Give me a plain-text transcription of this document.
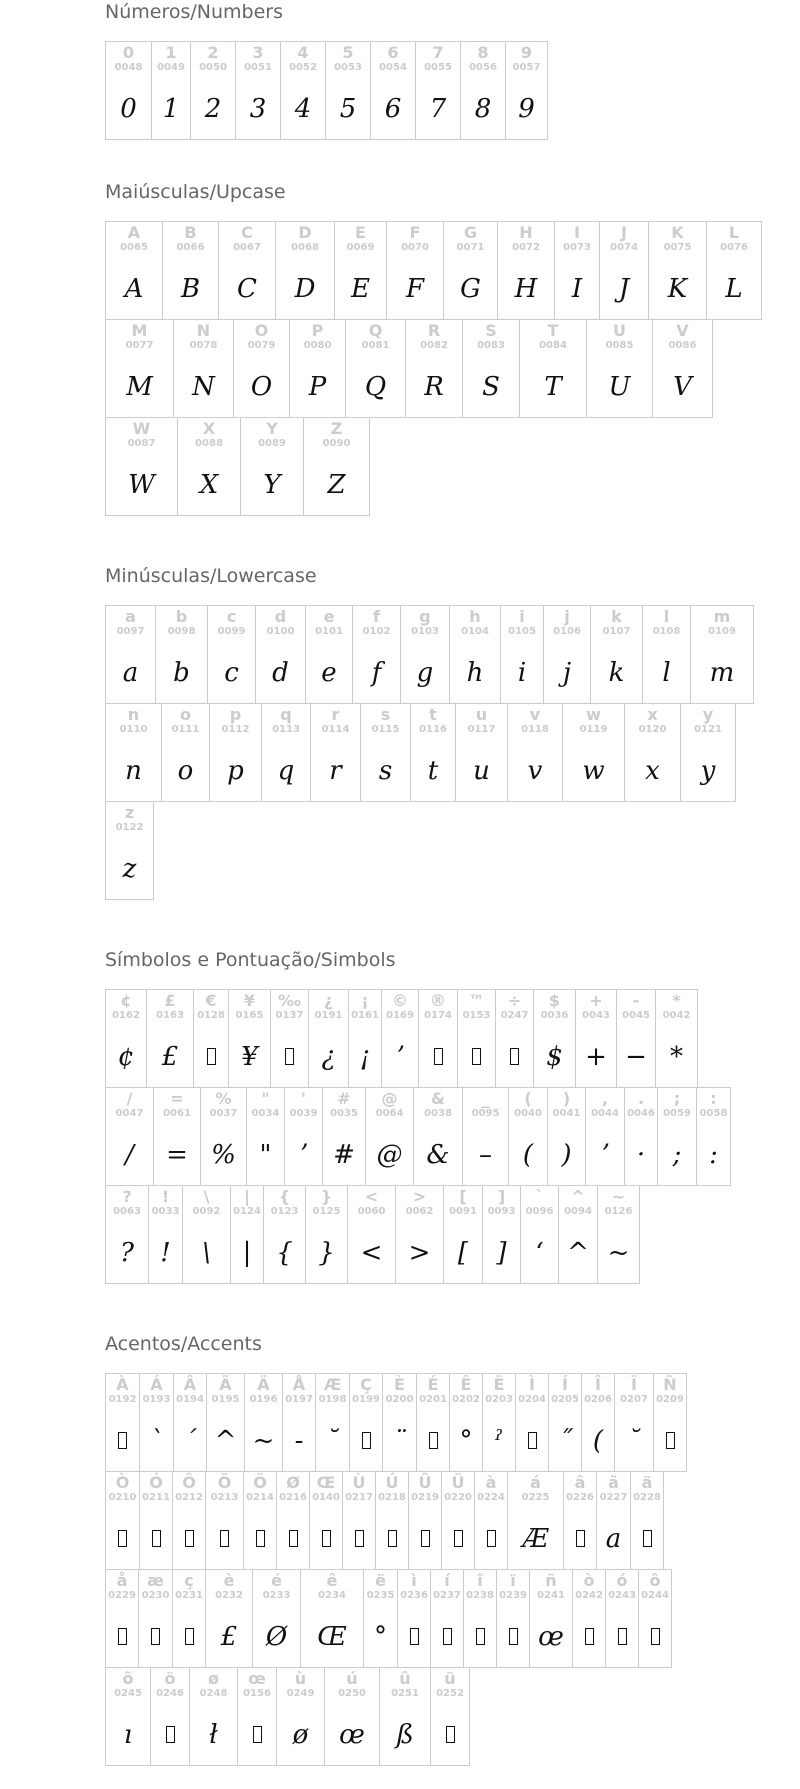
Números/Numbers
0
0048
0
1
0049
1
2
0050
2
3
0051
3
4
0052
4
5
0053
5
6
0054
6
7
0055
7
8
0056
8
9
0057
9
Maiúsculas/Upcase
A
0065
A
B
0066
B
C
0067
C
D
0068
D
E
0069
E
F
0070
F
G
0071
G
H
0072
H
I
0073
I
J
0074
J
K
0075
K
L
0076
L
M
0077
M
N
0078
N
O
0079
O
P
0080
P
Q
0081
Q
R
0082
R
S
0083
S
T
0084
T
U
0085
U
V
0086
V
W
0087
W
X
0088
X
Y
0089
Y
Z
0090
Z
Minúsculas/Lowercase
a
0097
a
b
0098
b
c
0099
c
d
0100
d
e
0101
e
f
0102
f
g
0103
g
h
0104
h
i
0105
i
j
0106
j
k
0107
k
l
0108
l
m
0109
m
n
0110
n
o
0111
o
p
0112
p
q
0113
q
r
0114
r
s
0115
s
t
0116
t
u
0117
u
v
0118
v
w
0119
w
x
0120
x
y
0121
y
z
0122
z
Símbolos e Pontuação/Simbols
¢
0162
¢
£
0163
£
€
0128
¥
0165
¥
‰
0137
¿
0191
¿
¡
0161
¡
©
0169
ʼ
®
0174
™
0153
÷
0247
$
0036
$
+
0043
+
-
0045
−
*
0042
*
/
0047
/
=
0061
=
%
0037
%
"
0034
"
'
0039
ʼ
#
0035
#
@
0064
@
&
0038
&
_
0095
–
(
0040
(
)
0041
)
,
0044
ʼ
.
0046
·
;
0059
;
:
0058
:
?
0063
?
!
0033
!
\
0092
\
|
0124
|
{
0123
{
}
0125
}
<
0060
<
>
0062
>
[
0091
[
]
0093
]
`
0096
ʻ
^
0094
^
~
0126
~
Acentos/Accents
À
0192
Á
0193
ˋ
Â
0194
ˊ
Ã
0195
^
Ä
0196
~
Å
0197
-
Æ
0198
˘
Ç
0199
È
0200
¨
É
0201
Ê
0202
°
Ë
0203
ˀ
Ì
0204
Í
0205
˝
Î
0206
(
Ï
0207
˘
Ñ
0209
Ò
0210
Ó
0211
Ô
0212
Õ
0213
Ö
0214
Ø
0216
Œ
0140
Ù
0217
Ú
0218
Û
0219
Ü
0220
à
0224
á
0225
Æ
â
0226
ã
0227
a
ä
0228
å
0229
æ
0230
ç
0231
è
0232
£
é
0233
Ø
ê
0234
Œ
ë
0235
°
ì
0236
í
0237
î
0238
ï
0239
ñ
0241
œ
ò
0242
ó
0243
ô
0244
õ
0245
ı
ö
0246
ø
0248
ł
œ
0156
ù
0249
ø
ú
0250
œ
û
0251
ß
ü
0252
